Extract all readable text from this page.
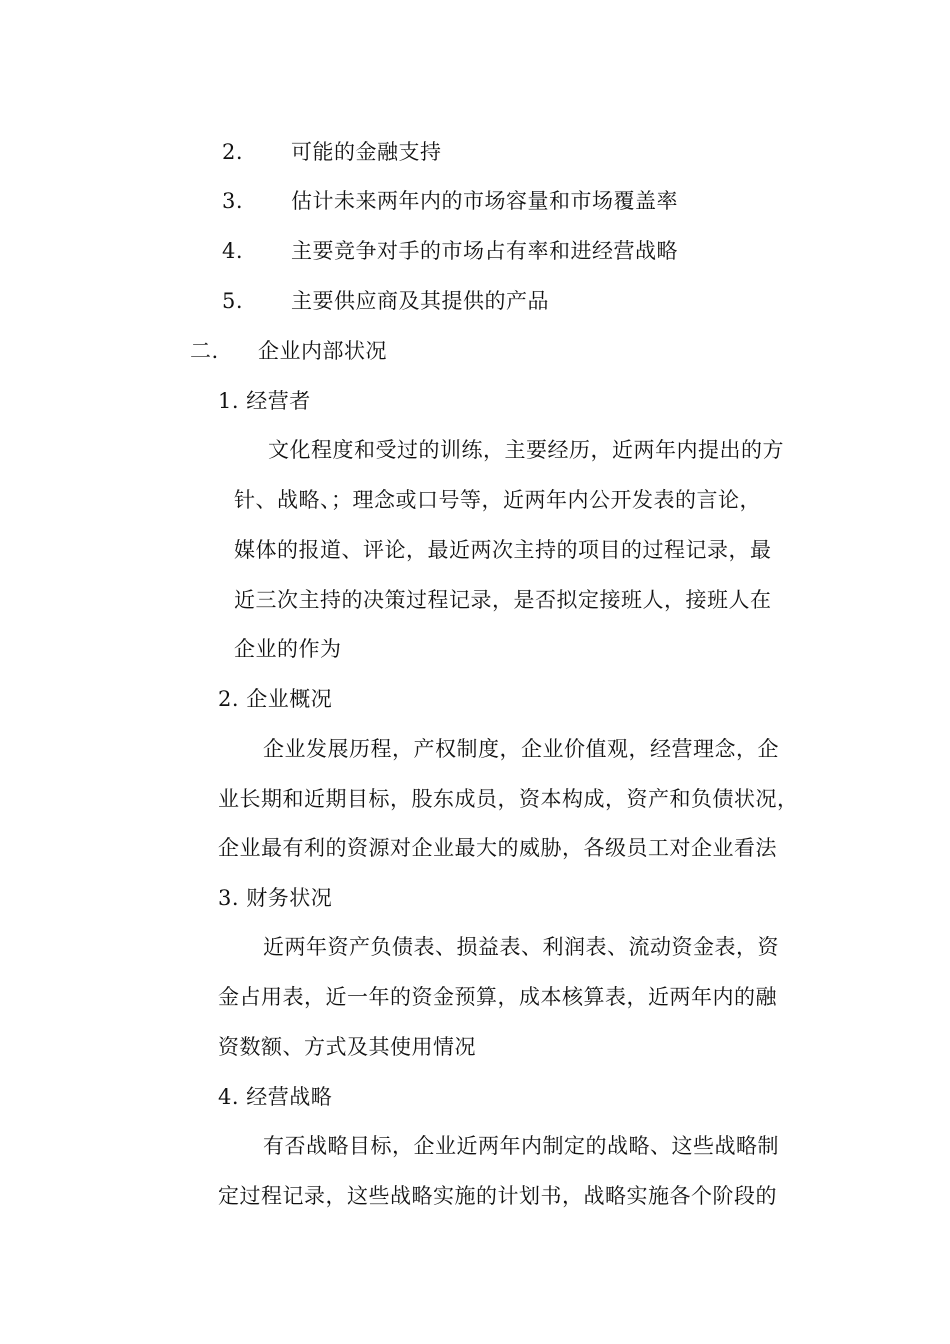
2. 可能的金融支持
3. 估计未来两年内的市场容量和市场覆盖率
4. 主要竞争对手的市场占有率和进经营战略
5. 主要供应商及其提供的产品
二. 企业内部状况
1. 经营者
文化程度和受过的训练，主要经历，近两年内提出的方
针、战略、；理念或口号等，近两年内公开发表的言论，
媒体的报道、评论，最近两次主持的项目的过程记录，最
近三次主持的决策过程记录，是否拟定接班人，接班人在
企业的作为
2. 企业概况
企业发展历程，产权制度，企业价值观，经营理念，企
业长期和近期目标，股东成员，资本构成，资产和负债状况，
企业最有利的资源对企业最大的威胁，各级员工对企业看法
3. 财务状况
近两年资产负债表、损益表、利润表、流动资金表，资
金占用表，近一年的资金预算，成本核算表，近两年内的融
资数额、方式及其使用情况
4. 经营战略
有否战略目标，企业近两年内制定的战略、这些战略制
定过程记录，这些战略实施的计划书，战略实施各个阶段的
